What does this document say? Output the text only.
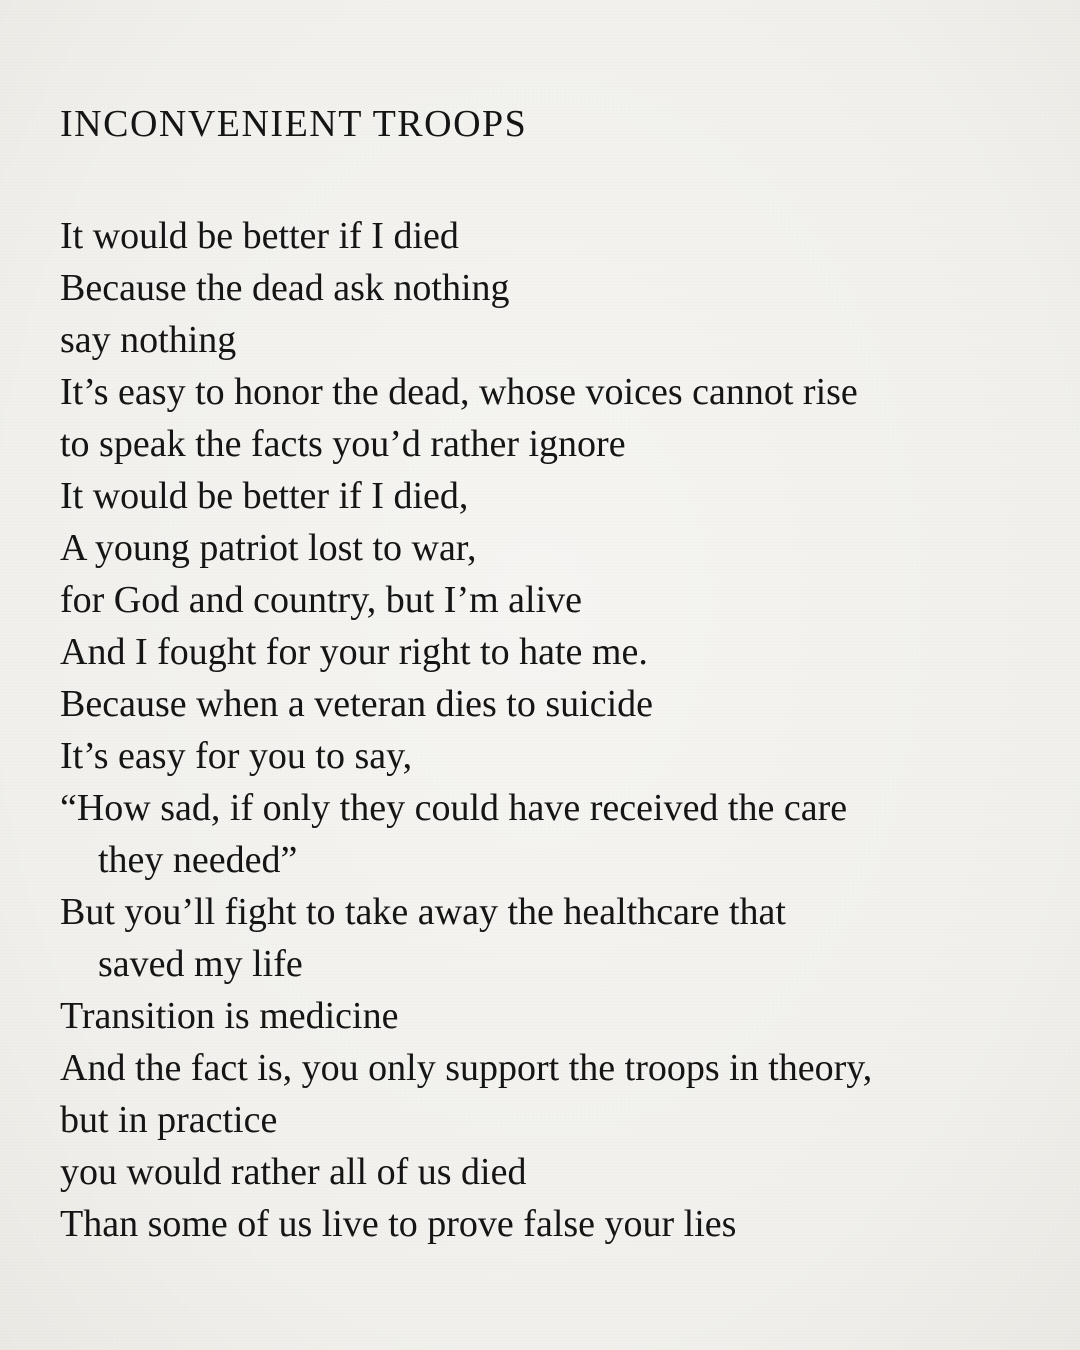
INCONVENIENT TROOPS
It would be better if I died
Because the dead ask nothing
say nothing
It’s easy to honor the dead, whose voices cannot rise
to speak the facts you’d rather ignore
It would be better if I died,
A young patriot lost to war,
for God and country, but I’m alive
And I fought for your right to hate me.
Because when a veteran dies to suicide
It’s easy for you to say,
“How sad, if only they could have received the care
they needed”
But you’ll fight to take away the healthcare that
saved my life
Transition is medicine
And the fact is, you only support the troops in theory,
but in practice
you would rather all of us died
Than some of us live to prove false your lies
